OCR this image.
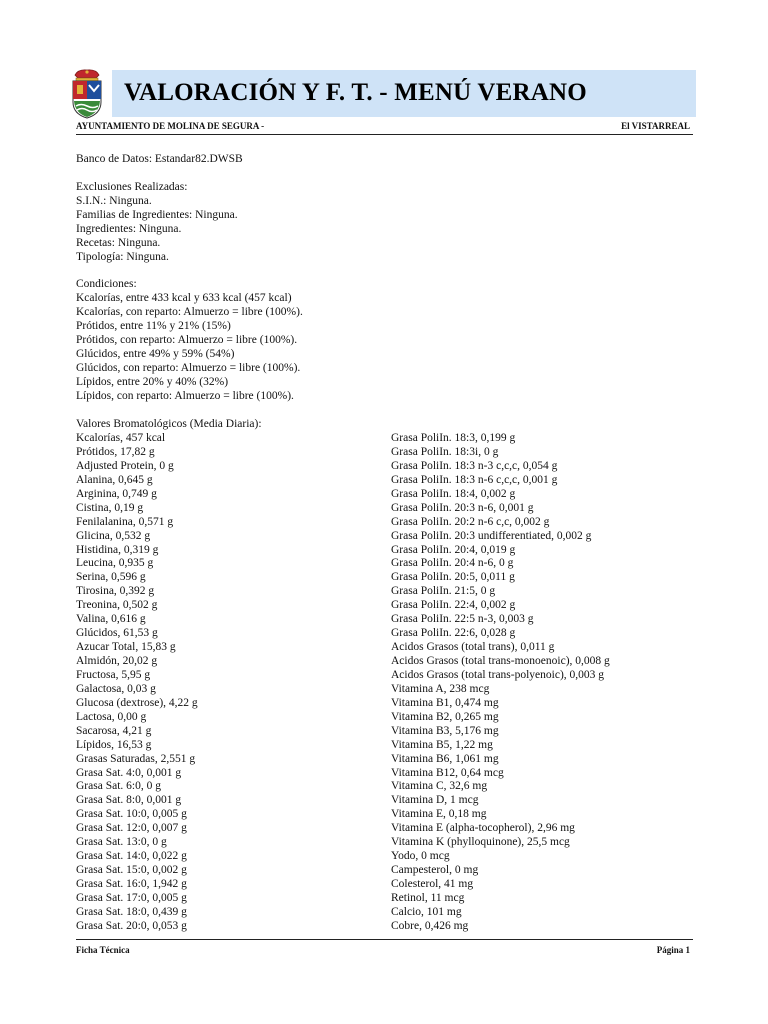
VALORACIÓN Y F. T. - MENÚ VERANO
AYUNTAMIENTO DE MOLINA DE SEGURA -	El VISTARREAL
Banco de Datos: Estandar82.DWSB
Exclusiones Realizadas:
S.I.N.: Ninguna.
Familias de Ingredientes: Ninguna.
Ingredientes: Ninguna.
Recetas: Ninguna.
Tipología: Ninguna.
Condiciones:
Kcalorías, entre 433 kcal y 633 kcal (457 kcal)
Kcalorías, con reparto: Almuerzo = libre (100%).
Prótidos, entre 11% y 21% (15%)
Prótidos, con reparto: Almuerzo = libre (100%).
Glúcidos, entre 49% y 59% (54%)
Glúcidos, con reparto: Almuerzo = libre (100%).
Lípidos, entre 20% y 40% (32%)
Lípidos, con reparto: Almuerzo = libre (100%).
Valores Bromatológicos (Media Diaria):
Kcalorías, 457 kcal
Prótidos, 17,82 g
Adjusted Protein, 0 g
Alanina, 0,645 g
Arginina, 0,749 g
Cistina, 0,19 g
Fenilalanina, 0,571 g
Glicina, 0,532 g
Histidina, 0,319 g
Leucina, 0,935 g
Serina, 0,596 g
Tirosina, 0,392 g
Treonina, 0,502 g
Valina, 0,616 g
Glúcidos, 61,53 g
Azucar Total, 15,83 g
Almidón, 20,02 g
Fructosa, 5,95 g
Galactosa, 0,03 g
Glucosa (dextrose), 4,22 g
Lactosa, 0,00 g
Sacarosa, 4,21 g
Lípidos, 16,53 g
Grasas Saturadas, 2,551 g
Grasa Sat. 4:0, 0,001 g
Grasa Sat. 6:0, 0 g
Grasa Sat. 8:0, 0,001 g
Grasa Sat. 10:0, 0,005 g
Grasa Sat. 12:0, 0,007 g
Grasa Sat. 13:0, 0 g
Grasa Sat. 14:0, 0,022 g
Grasa Sat. 15:0, 0,002 g
Grasa Sat. 16:0, 1,942 g
Grasa Sat. 17:0, 0,005 g
Grasa Sat. 18:0, 0,439 g
Grasa Sat. 20:0, 0,053 g
Grasa PoliIn. 18:3, 0,199 g
Grasa PoliIn. 18:3i, 0 g
Grasa PoliIn. 18:3 n-3 c,c,c, 0,054 g
Grasa PoliIn. 18:3 n-6 c,c,c, 0,001 g
Grasa PoliIn. 18:4, 0,002 g
Grasa PoliIn. 20:3 n-6, 0,001 g
Grasa PoliIn. 20:2 n-6 c,c, 0,002 g
Grasa PoliIn. 20:3 undifferentiated, 0,002 g
Grasa PoliIn. 20:4, 0,019 g
Grasa PoliIn. 20:4 n-6, 0 g
Grasa PoliIn. 20:5, 0,011 g
Grasa PoliIn. 21:5, 0 g
Grasa PoliIn. 22:4, 0,002 g
Grasa PoliIn. 22:5 n-3, 0,003 g
Grasa PoliIn. 22:6, 0,028 g
Acidos Grasos (total trans), 0,011 g
Acidos Grasos (total trans-monoenoic), 0,008 g
Acidos Grasos (total trans-polyenoic), 0,003 g
Vitamina A, 238 mcg
Vitamina B1, 0,474 mg
Vitamina B2, 0,265 mg
Vitamina B3, 5,176 mg
Vitamina B5, 1,22 mg
Vitamina B6, 1,061 mg
Vitamina B12, 0,64 mcg
Vitamina C, 32,6 mg
Vitamina D, 1 mcg
Vitamina E, 0,18 mg
Vitamina E (alpha-tocopherol), 2,96 mg
Vitamina K (phylloquinone), 25,5 mcg
Yodo, 0 mcg
Campesterol, 0 mg
Colesterol, 41 mg
Retinol, 11 mcg
Calcio, 101 mg
Cobre, 0,426 mg
Ficha Técnica	Página 1
